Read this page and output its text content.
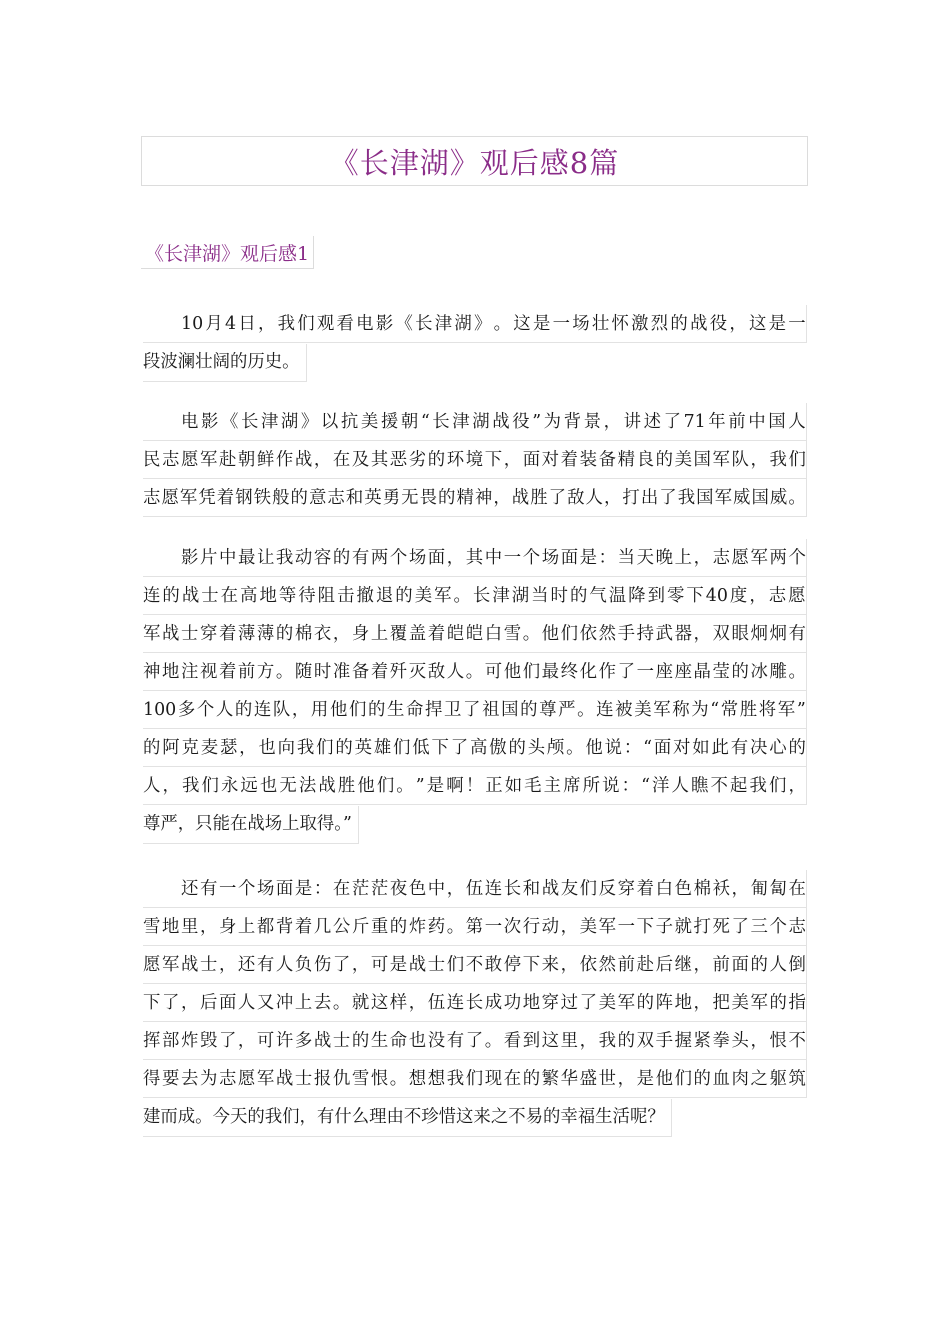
《长津湖》观后感8篇
《长津湖》观后感1
10 月 4 日 ， 我 们 观 看 电 影 《 长 津 湖 》 。 这 是 一 场 壮 怀 激 烈 的 战 役 ， 这 是 一
段波澜壮阔的历史。
电 影 《 长 津 湖 》 以 抗 美 援 朝 “ 长 津 湖 战 役 ” 为 背 景 ， 讲 述 了 71 年 前 中 国 人
民 志 愿 军 赴 朝 鲜 作 战 ， 在 及 其 恶 劣 的 环 境 下 ， 面 对 着 装 备 精 良 的 美 国 军 队 ， 我 们
志 愿 军 凭 着 钢 铁 般 的 意 志 和 英 勇 无 畏 的 精 神 ， 战 胜 了 敌 人 ， 打 出 了 我 国 军 威 国 威 。
影 片 中 最 让 我 动 容 的 有 两 个 场 面 ， 其 中 一 个 场 面 是 ： 当 天 晚 上 ， 志 愿 军 两 个
连 的 战 士 在 高 地 等 待 阻 击 撤 退 的 美 军 。 长 津 湖 当 时 的 气 温 降 到 零 下 40 度 ， 志 愿
军 战 士 穿 着 薄 薄 的 棉 衣 ， 身 上 覆 盖 着 皑 皑 白 雪 。 他 们 依 然 手 持 武 器 ， 双 眼 炯 炯 有
神 地 注 视 着 前 方 。 随 时 准 备 着 歼 灭 敌 人 。 可 他 们 最 终 化 作 了 一 座 座 晶 莹 的 冰 雕 。
100 多 个 人 的 连 队 ， 用 他 们 的 生 命 捍 卫 了 祖 国 的 尊 严 。 连 被 美 军 称 为 “ 常 胜 将 军 ”
的 阿 克 麦 瑟 ， 也 向 我 们 的 英 雄 们 低 下 了 高 傲 的 头 颅 。 他 说 ： “ 面 对 如 此 有 决 心 的
人 ， 我 们 永 远 也 无 法 战 胜 他 们 。 ” 是 啊 ！ 正 如 毛 主 席 所 说 ： “ 洋 人 瞧 不 起 我 们 ，
尊严，只能在战场上取得。”
还 有 一 个 场 面 是 ： 在 茫 茫 夜 色 中 ， 伍 连 长 和 战 友 们 反 穿 着 白 色 棉 袄 ， 匍 匐 在
雪 地 里 ， 身 上 都 背 着 几 公 斤 重 的 炸 药 。 第 一 次 行 动 ， 美 军 一 下 子 就 打 死 了 三 个 志
愿 军 战 士 ， 还 有 人 负 伤 了 ， 可 是 战 士 们 不 敢 停 下 来 ， 依 然 前 赴 后 继 ， 前 面 的 人 倒
下 了 ， 后 面 人 又 冲 上 去 。 就 这 样 ， 伍 连 长 成 功 地 穿 过 了 美 军 的 阵 地 ， 把 美 军 的 指
挥 部 炸 毁 了 ， 可 许 多 战 士 的 生 命 也 没 有 了 。 看 到 这 里 ， 我 的 双 手 握 紧 拳 头 ， 恨 不
得 要 去 为 志 愿 军 战 士 报 仇 雪 恨 。 想 想 我 们 现 在 的 繁 华 盛 世 ， 是 他 们 的 血 肉 之 躯 筑
建而成。今天的我们，有什么理由不珍惜这来之不易的幸福生活呢？
